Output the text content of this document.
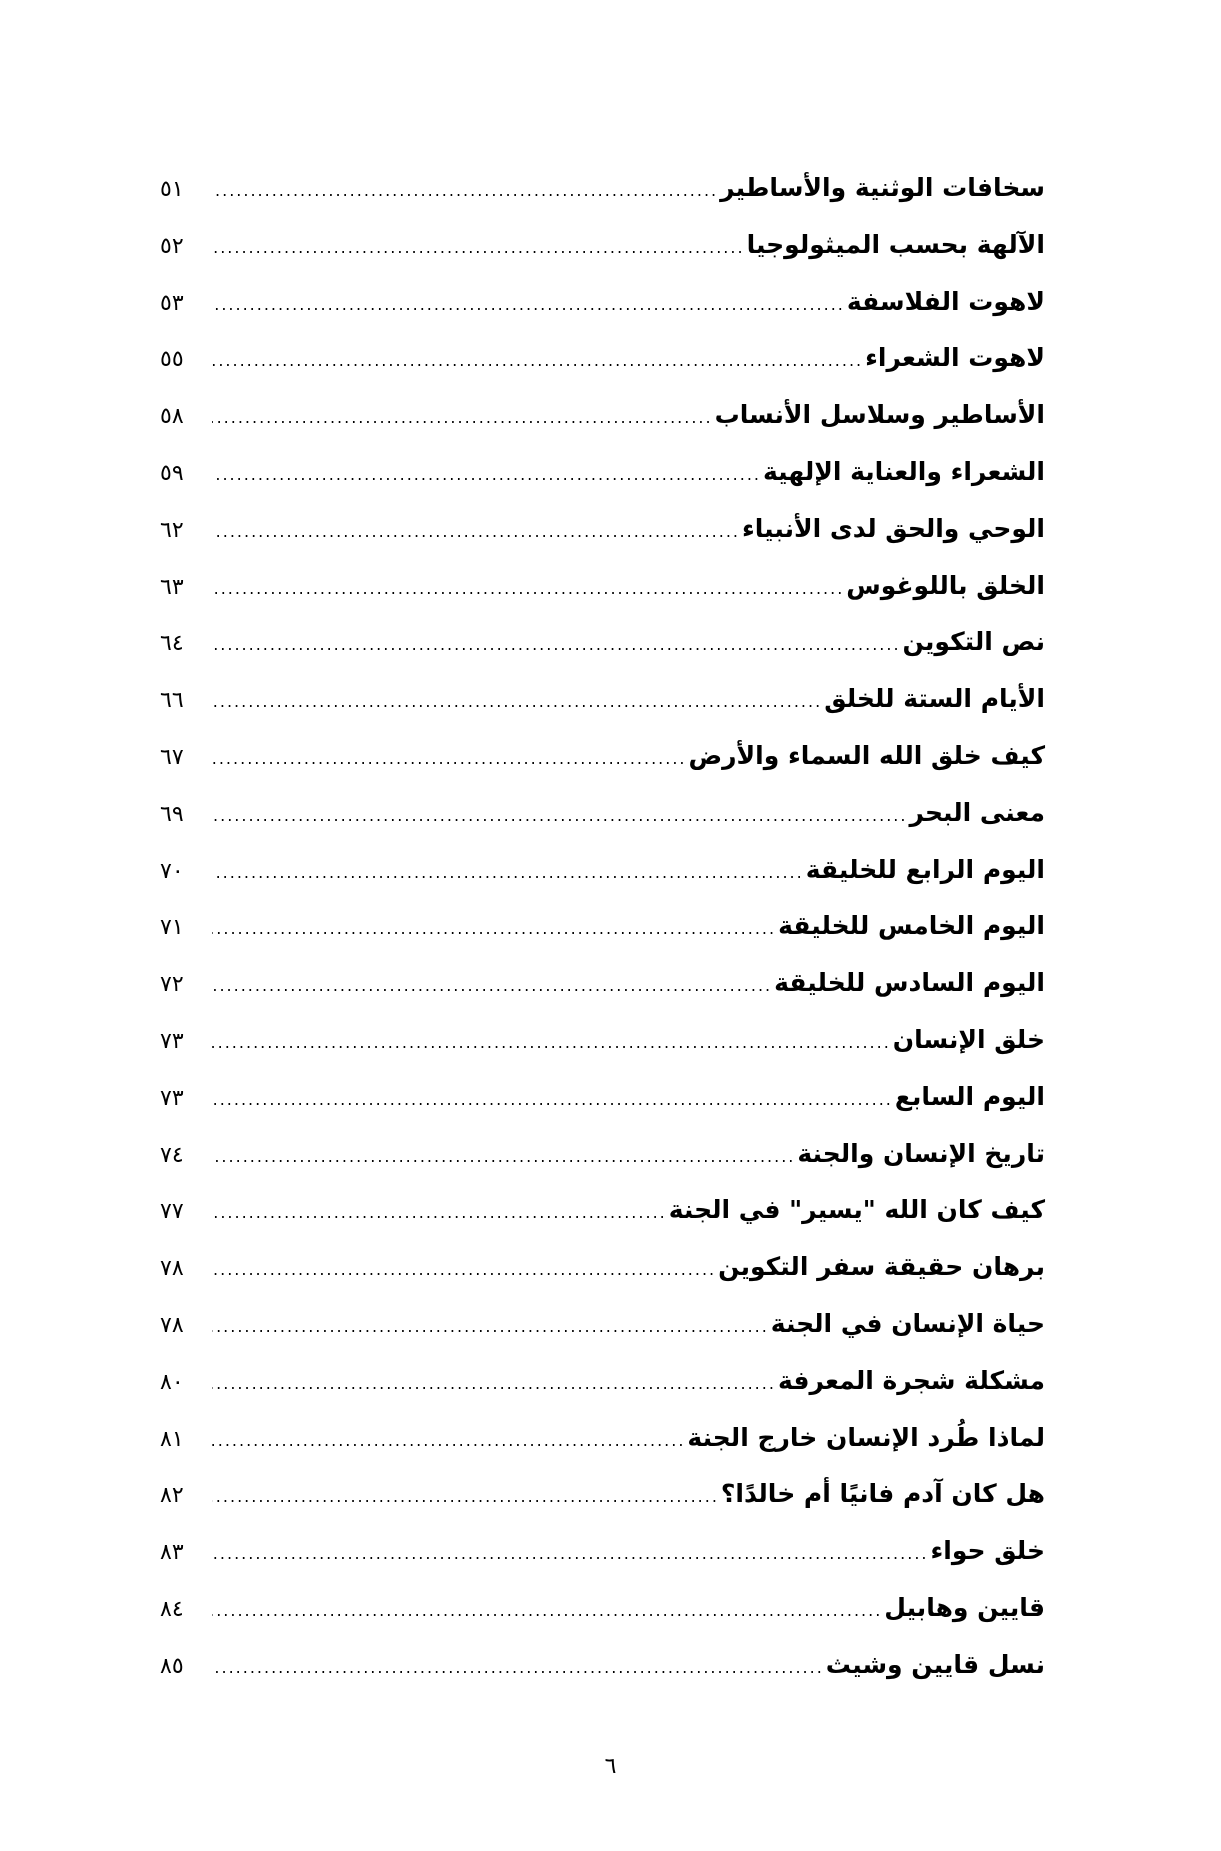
سخافات الوثنية والأساطير
.....
٥١
الآلهة بحسب الميثولوجيا
.....
٥٢
لاهوت الفلاسفة
.....
٥٣
لاهوت الشعراء
.....
٥٥
الأساطير وسلاسل الأنساب
.....
٥٨
الشعراء والعناية الإلهية
.....
٥٩
الوحي والحق لدى الأنبياء
.....
٦٢
الخلق باللوغوس
.....
٦٣
نص التكوين
.....
٦٤
الأيام الستة للخلق
.....
٦٦
كيف خلق الله السماء والأرض
.....
٦٧
معنى البحر
.....
٦٩
اليوم الرابع للخليقة
.....
٧٠
اليوم الخامس للخليقة
.....
٧١
اليوم السادس للخليقة
.....
٧٢
خلق الإنسان
.....
٧٣
اليوم السابع
.....
٧٣
تاريخ الإنسان والجنة
.....
٧٤
كيف كان الله "يسير" في الجنة
.....
٧٧
برهان حقيقة سفر التكوين
.....
٧٨
حياة الإنسان في الجنة
.....
٧٨
مشكلة شجرة المعرفة
.....
٨٠
لماذا طُرد الإنسان خارج الجنة
.....
٨١
هل كان آدم فانيًا أم خالدًا؟
.....
٨٢
خلق حواء
.....
٨٣
قايين وهابيل
.....
٨٤
نسل قايين وشيث
.....
٨٥
٦
